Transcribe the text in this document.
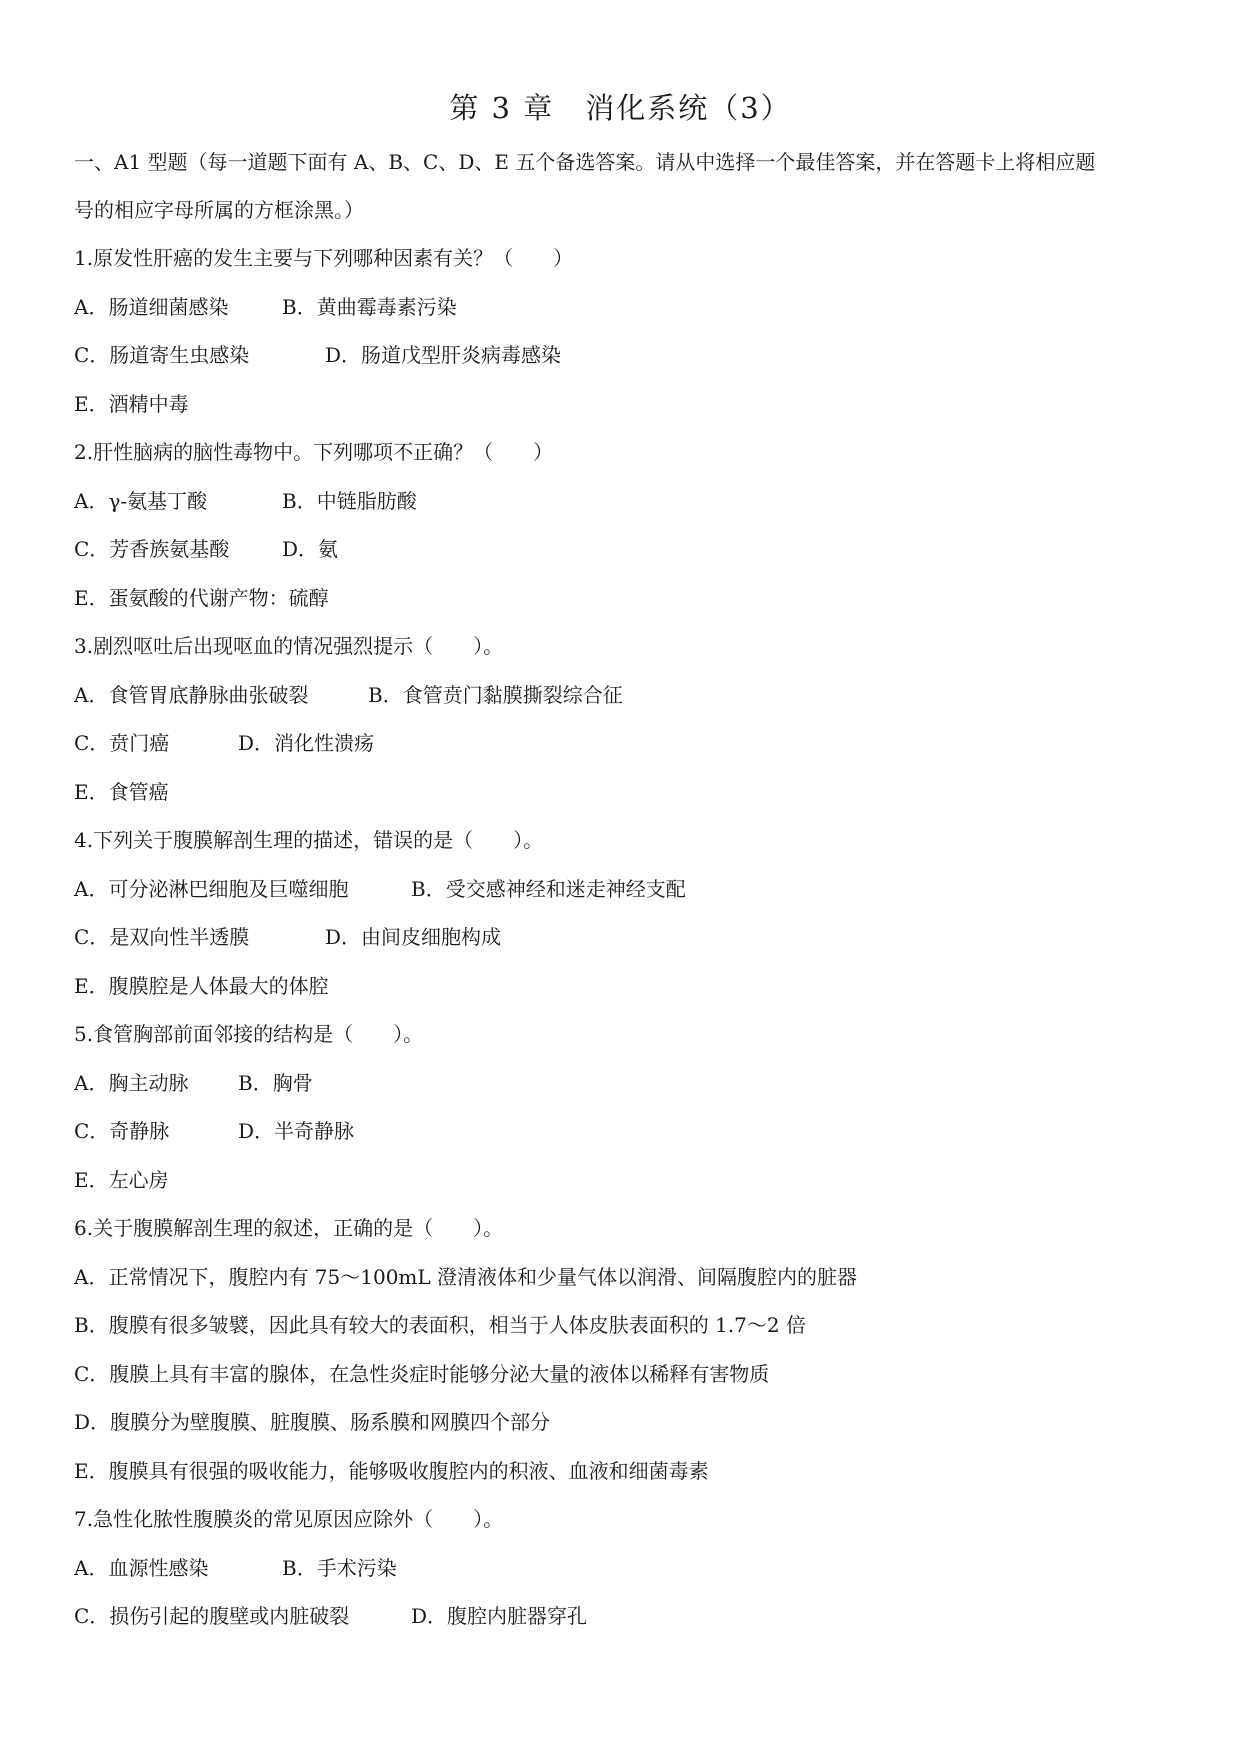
第 3 章　消化系统（3）
一、A1 型题（每一道题下面有 A、B、C、D、E 五个备选答案。请从中选择一个最佳答案，并在答题卡上将相应题
号的相应字母所属的方框涂黑。）
1.原发性肝癌的发生主要与下列哪种因素有关？（　　）
A．肠道细菌感染	B．黄曲霉毒素污染
C．肠道寄生虫感染	D．肠道戊型肝炎病毒感染
E．酒精中毒
2.肝性脑病的脑性毒物中。下列哪项不正确？（　　）
A．γ-氨基丁酸	B．中链脂肪酸
C．芳香族氨基酸	D．氨
E．蛋氨酸的代谢产物：硫醇
3.剧烈呕吐后出现呕血的情况强烈提示（　　）。
A．食管胃底静脉曲张破裂	B．食管贲门黏膜撕裂综合征
C．贲门癌	D．消化性溃疡
E．食管癌
4.下列关于腹膜解剖生理的描述，错误的是（　　）。
A．可分泌淋巴细胞及巨噬细胞	B．受交感神经和迷走神经支配
C．是双向性半透膜	D．由间皮细胞构成
E．腹膜腔是人体最大的体腔
5.食管胸部前面邻接的结构是（　　）。
A．胸主动脉 B．胸骨
C．奇静脉	D．半奇静脉
E．左心房
6.关于腹膜解剖生理的叙述，正确的是（　　）。
A．正常情况下，腹腔内有 75～100mL 澄清液体和少量气体以润滑、间隔腹腔内的脏器
B．腹膜有很多皱襞，因此具有较大的表面积，相当于人体皮肤表面积的 1.7～2 倍
C．腹膜上具有丰富的腺体，在急性炎症时能够分泌大量的液体以稀释有害物质
D．腹膜分为壁腹膜、脏腹膜、肠系膜和网膜四个部分
E．腹膜具有很强的吸收能力，能够吸收腹腔内的积液、血液和细菌毒素
7.急性化脓性腹膜炎的常见原因应除外（　　）。
A．血源性感染	B．手术污染
C．损伤引起的腹壁或内脏破裂	D．腹腔内脏器穿孔
